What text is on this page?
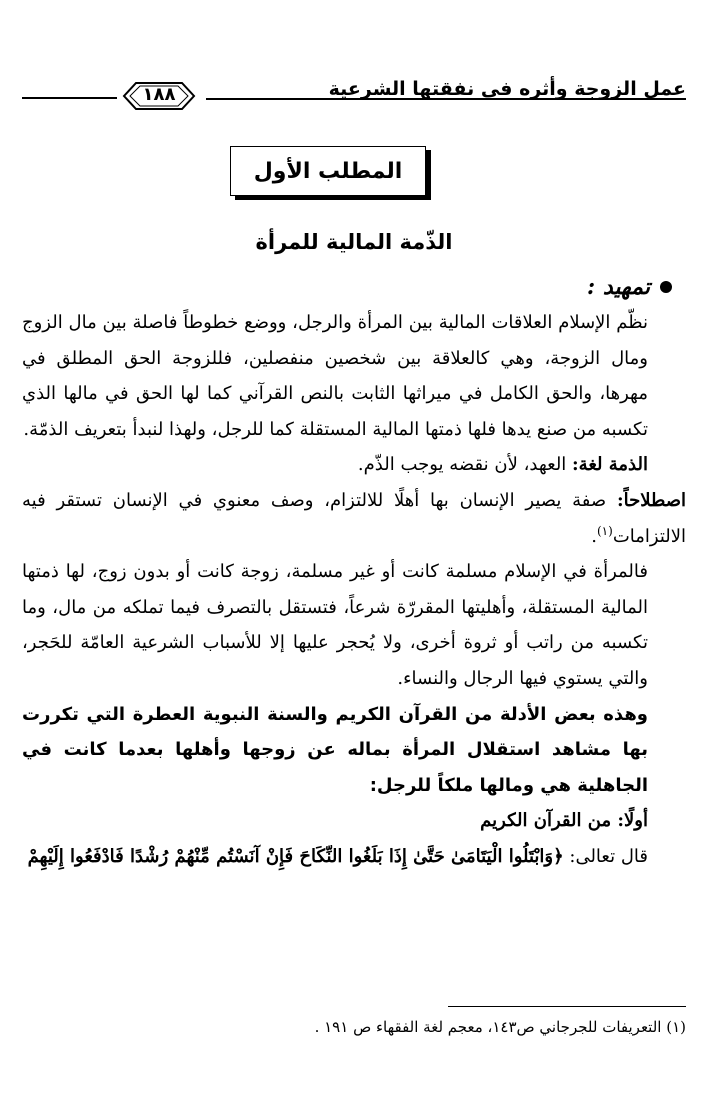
عمل الزوجة وأثره في نفقتها الشرعية
١٨٨
المطلب الأول
الذّمة المالية للمرأة
تمهيد :

نظّم الإسلام العلاقات المالية بين المرأة والرجل، ووضع خطوطاً فاصلة بين مال الزوج ومال الزوجة، وهي كالعلاقة بين شخصين منفصلين، فللزوجة الحق المطلق في مهرها، والحق الكامل في ميراثها الثابت بالنص القرآني كما لها الحق في مالها الذي تكسبه من صنع يدها فلها ذمتها المالية المستقلة كما للرجل، ولهذا لنبدأ بتعريف الذمّة.

الذمة لغة: العهد، لأن نقضه يوجب الذّم.

اصطلاحاً: صفة يصير الإنسان بها أهلًا للالتزام، وصف معنوي في الإنسان تستقر فيه الالتزامات$^{(١)}$.

فالمرأة في الإسلام مسلمة كانت أو غير مسلمة، زوجة كانت أو بدون زوج، لها ذمتها المالية المستقلة، وأهليتها المقررّة شرعاً، فتستقل بالتصرف فيما تملكه من مال، وما تكسبه من راتب أو ثروة أخرى، ولا يُحجر عليها إلا للأسباب الشرعية العامّة للحَجر، والتي يستوي فيها الرجال والنساء.

وهذه بعض الأدلة من القرآن الكريم والسنة النبوية العطرة التي تكررت بها مشاهد استقلال المرأة بماله عن زوجها وأهلها بعدما كانت في الجاهلية هي ومالها ملكاً للرجل:

أولًا: من القرآن الكريم

قال تعالى: ﴿وَابْتَلُوا الْيَتَامَىٰ حَتَّىٰ إِذَا بَلَغُوا النِّكَاحَ فَإِنْ آنَسْتُم مِّنْهُمْ رُشْدًا فَادْفَعُوا إِلَيْهِمْ

(١) التعريفات للجرجاني ص١٤٣، معجم لغة الفقهاء ص ١٩١ .
